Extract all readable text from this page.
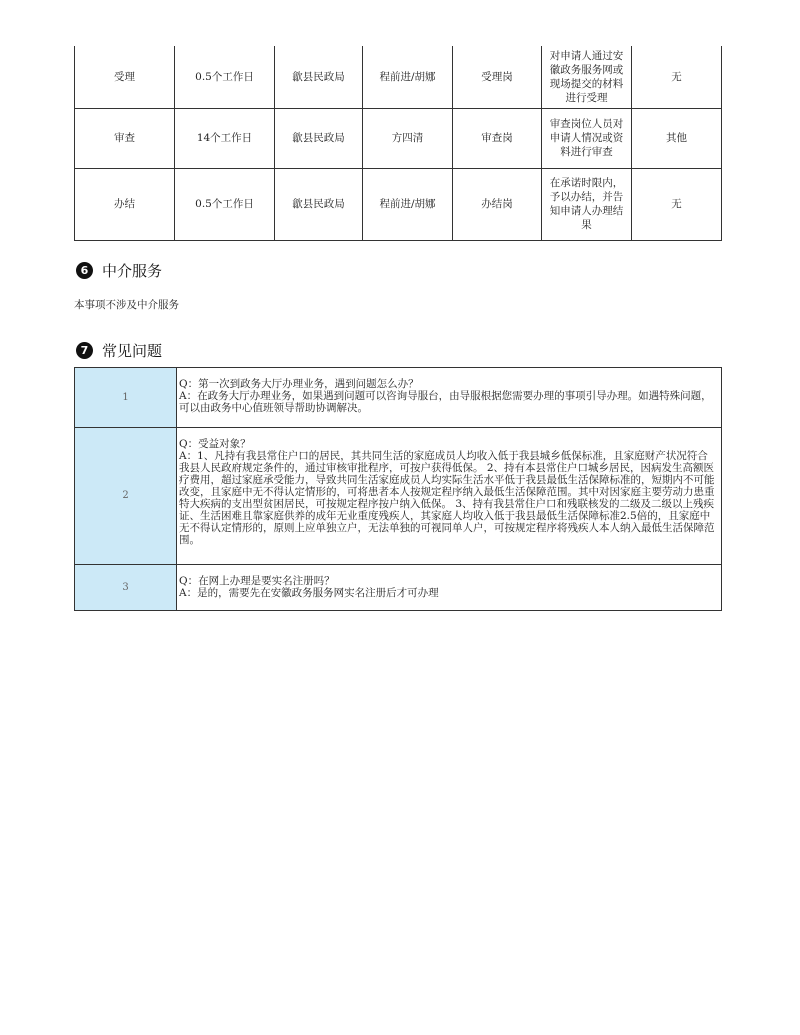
受理	0.5个工作日	歙县民政局	程前进/胡娜	受理岗	对申请人通过安徽政务服务网或现场提交的材料进行受理	无
审查	14个工作日	歙县民政局	方四清	审查岗	审查岗位人员对申请人情况或资料进行审查	其他
办结	0.5个工作日	歙县民政局	程前进/胡娜	办结岗	在承诺时限内，予以办结，并告知申请人办理结果	无
6 中介服务
本事项不涉及中介服务
7 常见问题
1	Q：第一次到政务大厅办理业务，遇到问题怎么办？
A：在政务大厅办理业务，如果遇到问题可以咨询导服台，由导服根据您需要办理的事项引导办理。如遇特殊问题，可以由政务中心值班领导帮助协调解决。

2	Q：受益对象？
A：1、凡持有我县常住户口的居民，其共同生活的家庭成员人均收入低于我县城乡低保标准，且家庭财产状况符合我县人民政府规定条件的，通过审核审批程序，可按户获得低保。 2、持有本县常住户口城乡居民，因病发生高额医疗费用，超过家庭承受能力，导致共同生活家庭成员人均实际生活水平低于我县最低生活保障标准的，短期内不可能改变，且家庭中无不得认定情形的，可将患者本人按规定程序纳入最低生活保障范围。其中对因家庭主要劳动力患重特大疾病的支出型贫困居民，可按规定程序按户纳入低保。 3、持有我县常住户口和残联核发的二级及二级以上残疾证、生活困难且靠家庭供养的成年无业重度残疾人，其家庭人均收入低于我县最低生活保障标准2.5倍的，且家庭中无不得认定情形的，原则上应单独立户，无法单独的可视同单人户，可按规定程序将残疾人本人纳入最低生活保障范围。

3	Q：在网上办理是要实名注册吗？
A：是的，需要先在安徽政务服务网实名注册后才可办理
